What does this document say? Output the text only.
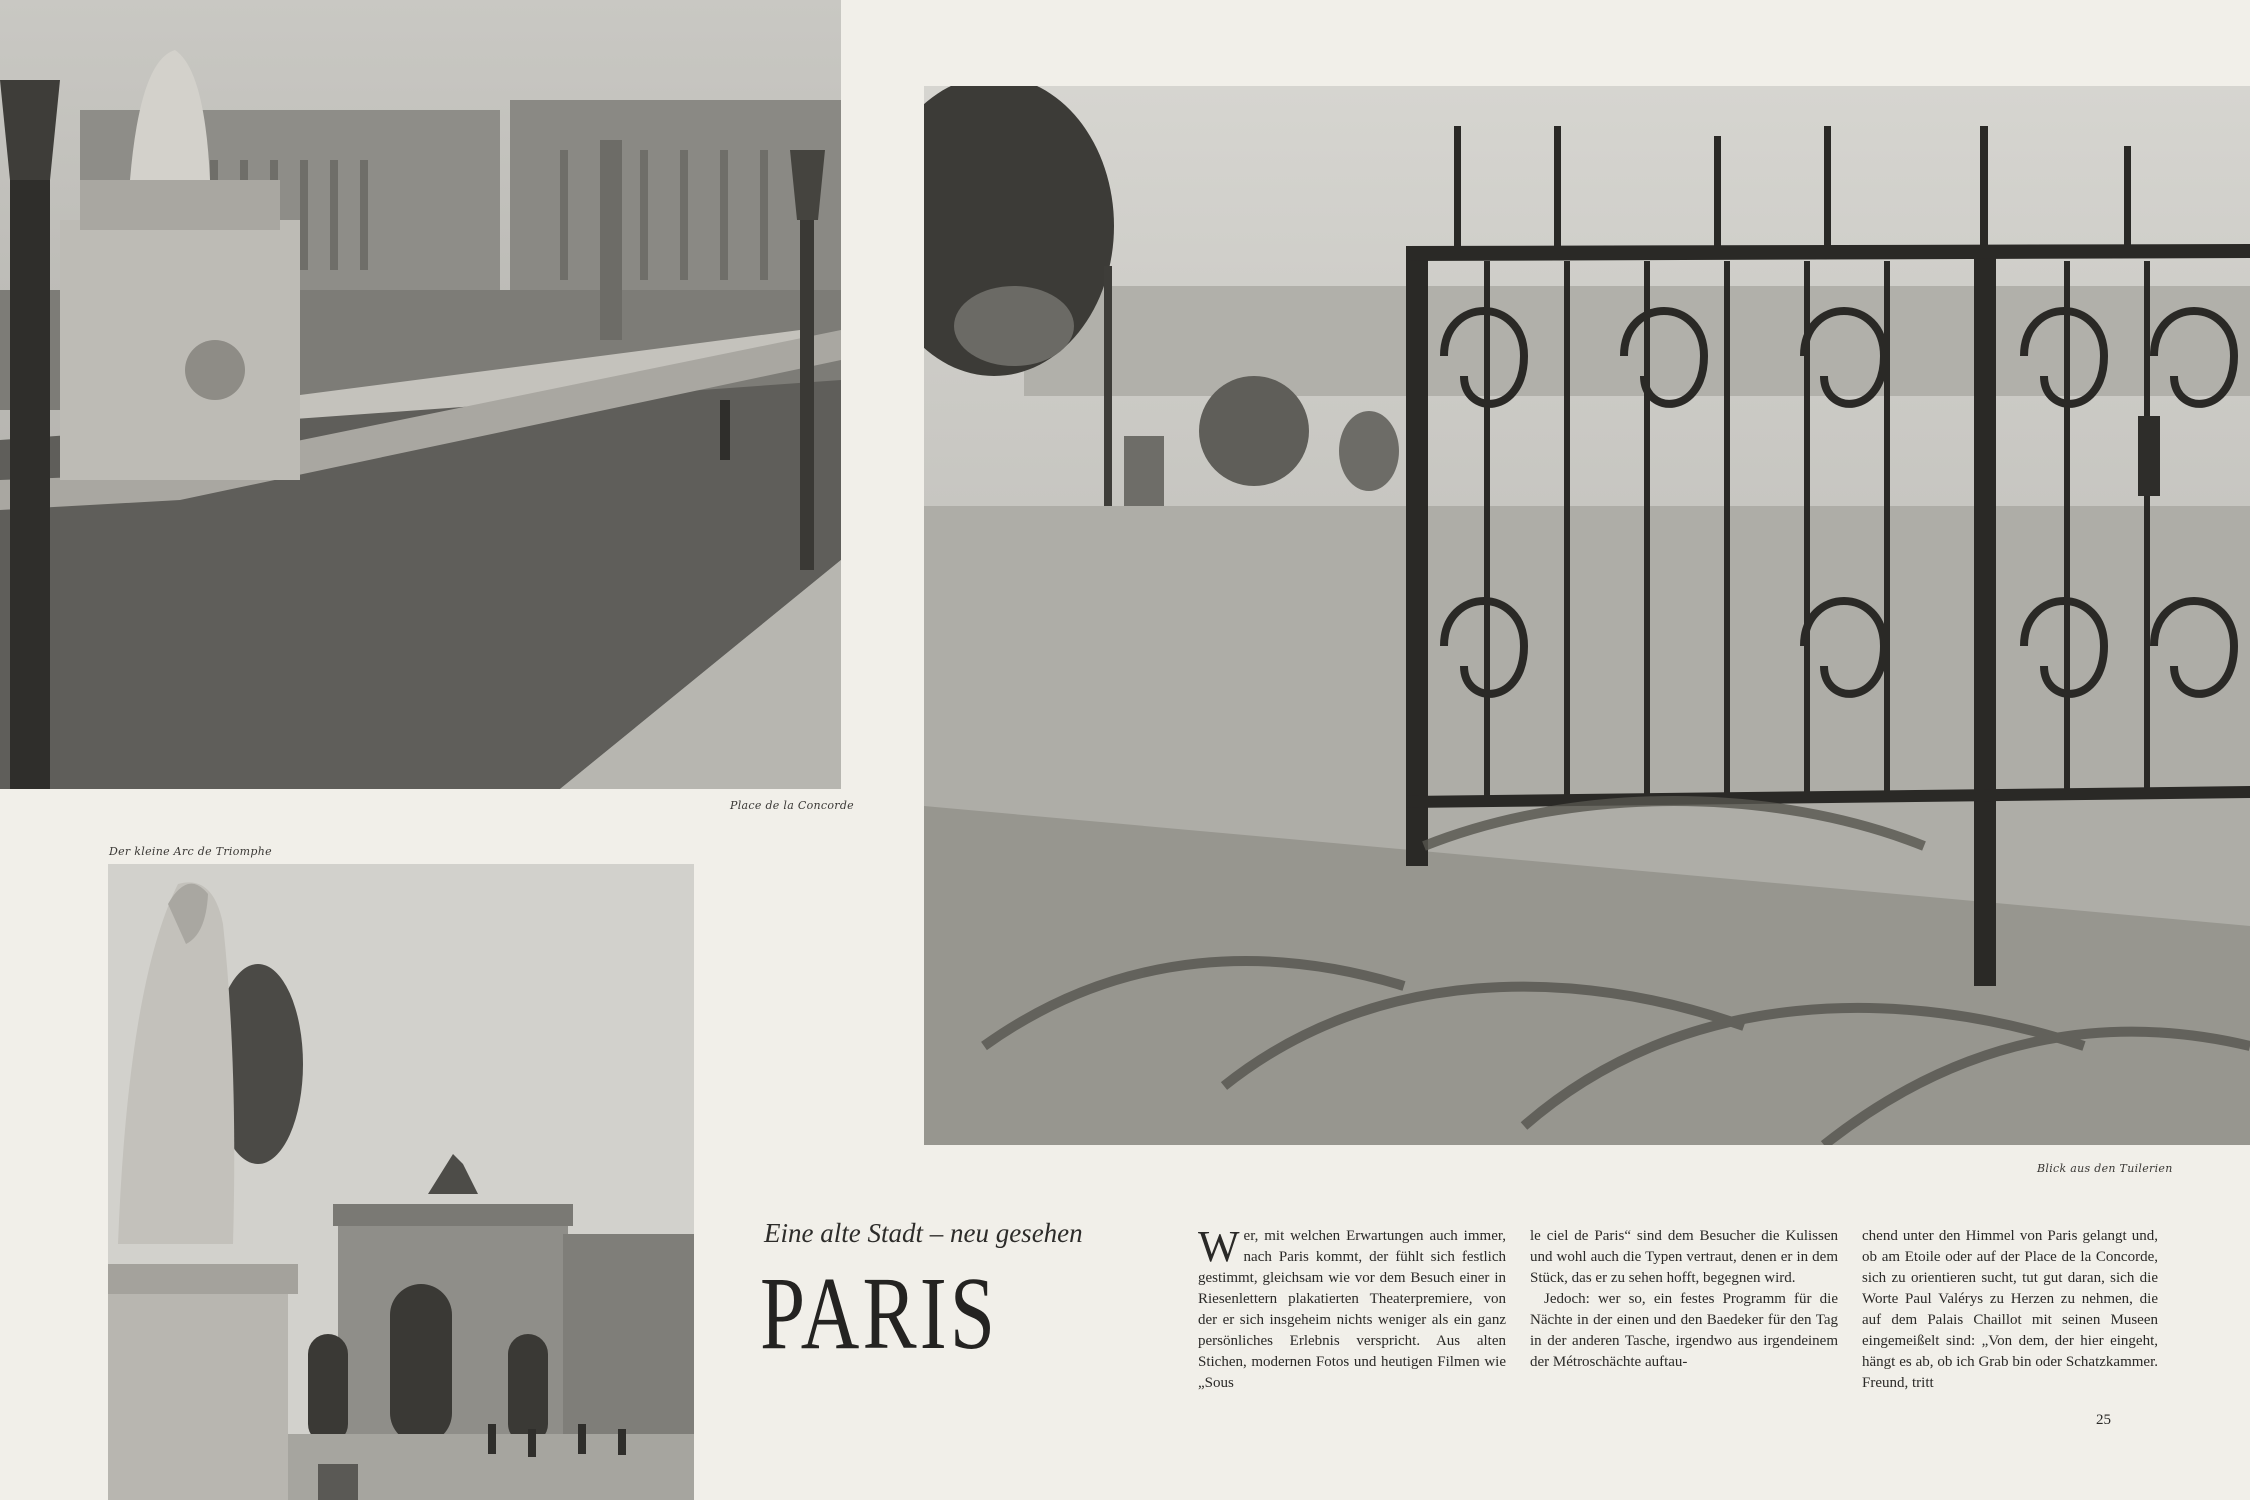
Place de la Concorde
Der kleine Arc de Triomphe
Blick aus den Tuilerien
Eine alte Stadt – neu gesehen
PARIS

Wer, mit welchen Erwartungen auch immer, nach Paris kommt, der fühlt sich festlich gestimmt, gleichsam wie vor dem Besuch einer in Riesenlettern plakatierten Theaterpremiere, von der er sich insgeheim nichts weniger als ein ganz persönliches Erlebnis verspricht. Aus alten Stichen, modernen Fotos und heutigen Filmen wie „Sous

le ciel de Paris“ sind dem Besucher die Kulissen und wohl auch die Typen vertraut, denen er in dem Stück, das er zu sehen hofft, begegnen wird.

Jedoch: wer so, ein festes Programm für die Nächte in der einen und den Baedeker für den Tag in der anderen Tasche, irgendwo aus irgendeinem der Métroschächte auftau-

chend unter den Himmel von Paris gelangt und, ob am Etoile oder auf der Place de la Concorde, sich zu orientieren sucht, tut gut daran, sich die Worte Paul Valérys zu Herzen zu nehmen, die auf dem Palais Chaillot mit seinen Museen eingemeißelt sind: „Von dem, der hier eingeht, hängt es ab, ob ich Grab bin oder Schatzkammer. Freund, tritt

25
